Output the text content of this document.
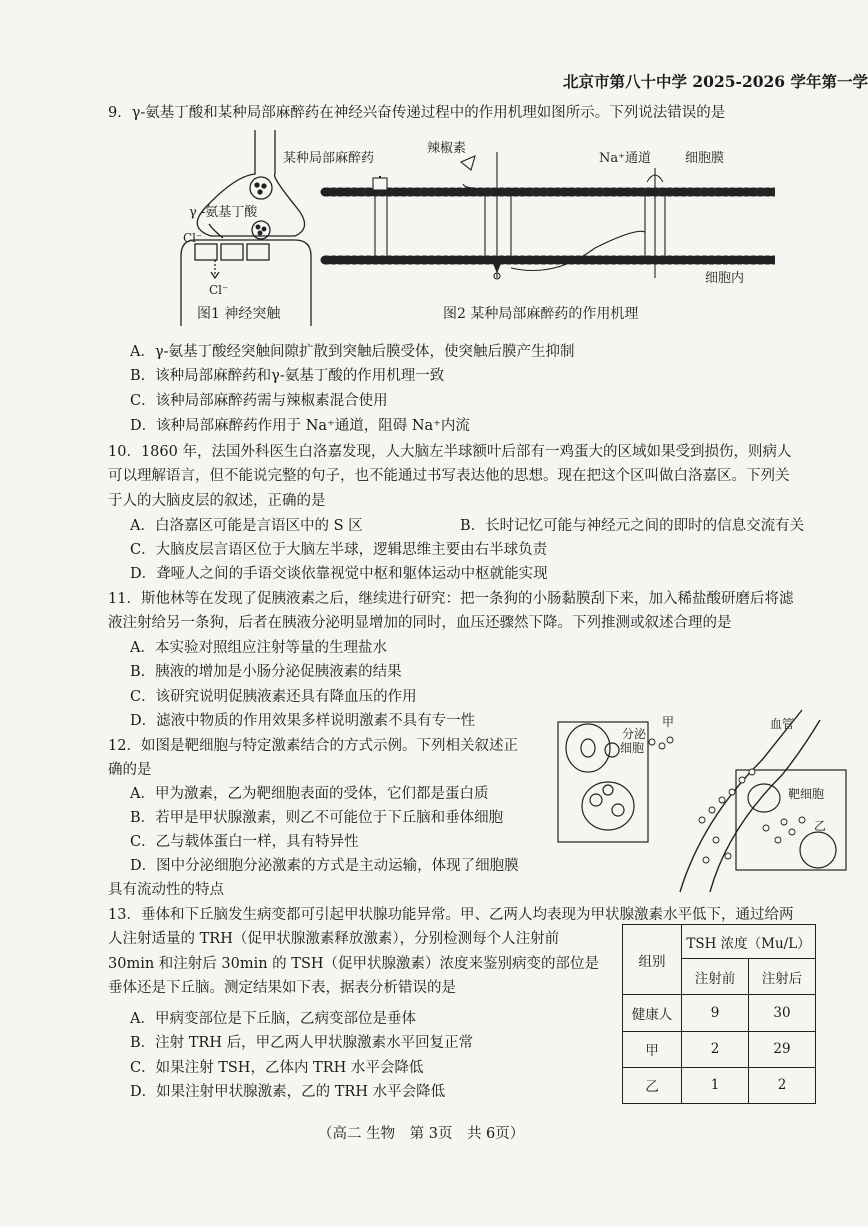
北京市第八十中学 2025-2026 学年第一学
9．γ-氨基丁酸和某种局部麻醉药在神经兴奋传递过程中的作用机理如图所示。下列说法错误的是
γ -氨基丁酸
Cl⁻
Cl⁻
某种局部麻醉药
辣椒素
Na⁺通道	细胞膜
细胞内
图1 神经突触	图2 某种局部麻醉药的作用机理
A．γ-氨基丁酸经突触间隙扩散到突触后膜受体，使突触后膜产生抑制
B．该种局部麻醉药和γ-氨基丁酸的作用机理一致
C．该种局部麻醉药需与辣椒素混合使用
D．该种局部麻醉药作用于 Na⁺通道，阻碍 Na⁺内流
10．1860 年，法国外科医生白洛嘉发现，人大脑左半球额叶后部有一鸡蛋大的区域如果受到损伤，则病人
可以理解语言，但不能说完整的句子，也不能通过书写表达他的思想。现在把这个区叫做白洛嘉区。下列关
于人的大脑皮层的叙述，正确的是
A．白洛嘉区可能是言语区中的 S 区	B．长时记忆可能与神经元之间的即时的信息交流有关
C．大脑皮层言语区位于大脑左半球，逻辑思维主要由右半球负责
D．聋哑人之间的手语交谈依靠视觉中枢和躯体运动中枢就能实现
11．斯他林等在发现了促胰液素之后，继续进行研究：把一条狗的小肠黏膜刮下来，加入稀盐酸研磨后将滤
液注射给另一条狗，后者在胰液分泌明显增加的同时，血压还骤然下降。下列推测或叙述合理的是
A．本实验对照组应注射等量的生理盐水
B．胰液的增加是小肠分泌促胰液素的结果
C．该研究说明促胰液素还具有降血压的作用
D．滤液中物质的作用效果多样说明激素不具有专一性
12．如图是靶细胞与特定激素结合的方式示例。下列相关叙述正
确的是
A．甲为激素，乙为靶细胞表面的受体，它们都是蛋白质
B．若甲是甲状腺激素，则乙不可能位于下丘脑和垂体细胞
C．乙与载体蛋白一样，具有特异性
D．图中分泌细胞分泌激素的方式是主动运输，体现了细胞膜
具有流动性的特点
分泌
细胞
甲	血管
靶细胞
乙
13．垂体和下丘脑发生病变都可引起甲状腺功能异常。甲、乙两人均表现为甲状腺激素水平低下，通过给两
人注射适量的 TRH（促甲状腺激素释放激素），分别检测每个人注射前
30min 和注射后 30min 的 TSH（促甲状腺激素）浓度来鉴别病变的部位是
垂体还是下丘脑。测定结果如下表，据表分析错误的是
A．甲病变部位是下丘脑，乙病变部位是垂体
B．注射 TRH 后，甲乙两人甲状腺激素水平回复正常
C．如果注射 TSH，乙体内 TRH 水平会降低
D．如果注射甲状腺激素，乙的 TRH 水平会降低
组别	TSH 浓度（Mu/L）	
	注射前	注射后
健康人	9	30
甲	2	29
乙	1	2
（高二 生物　第 3页　共 6页）
